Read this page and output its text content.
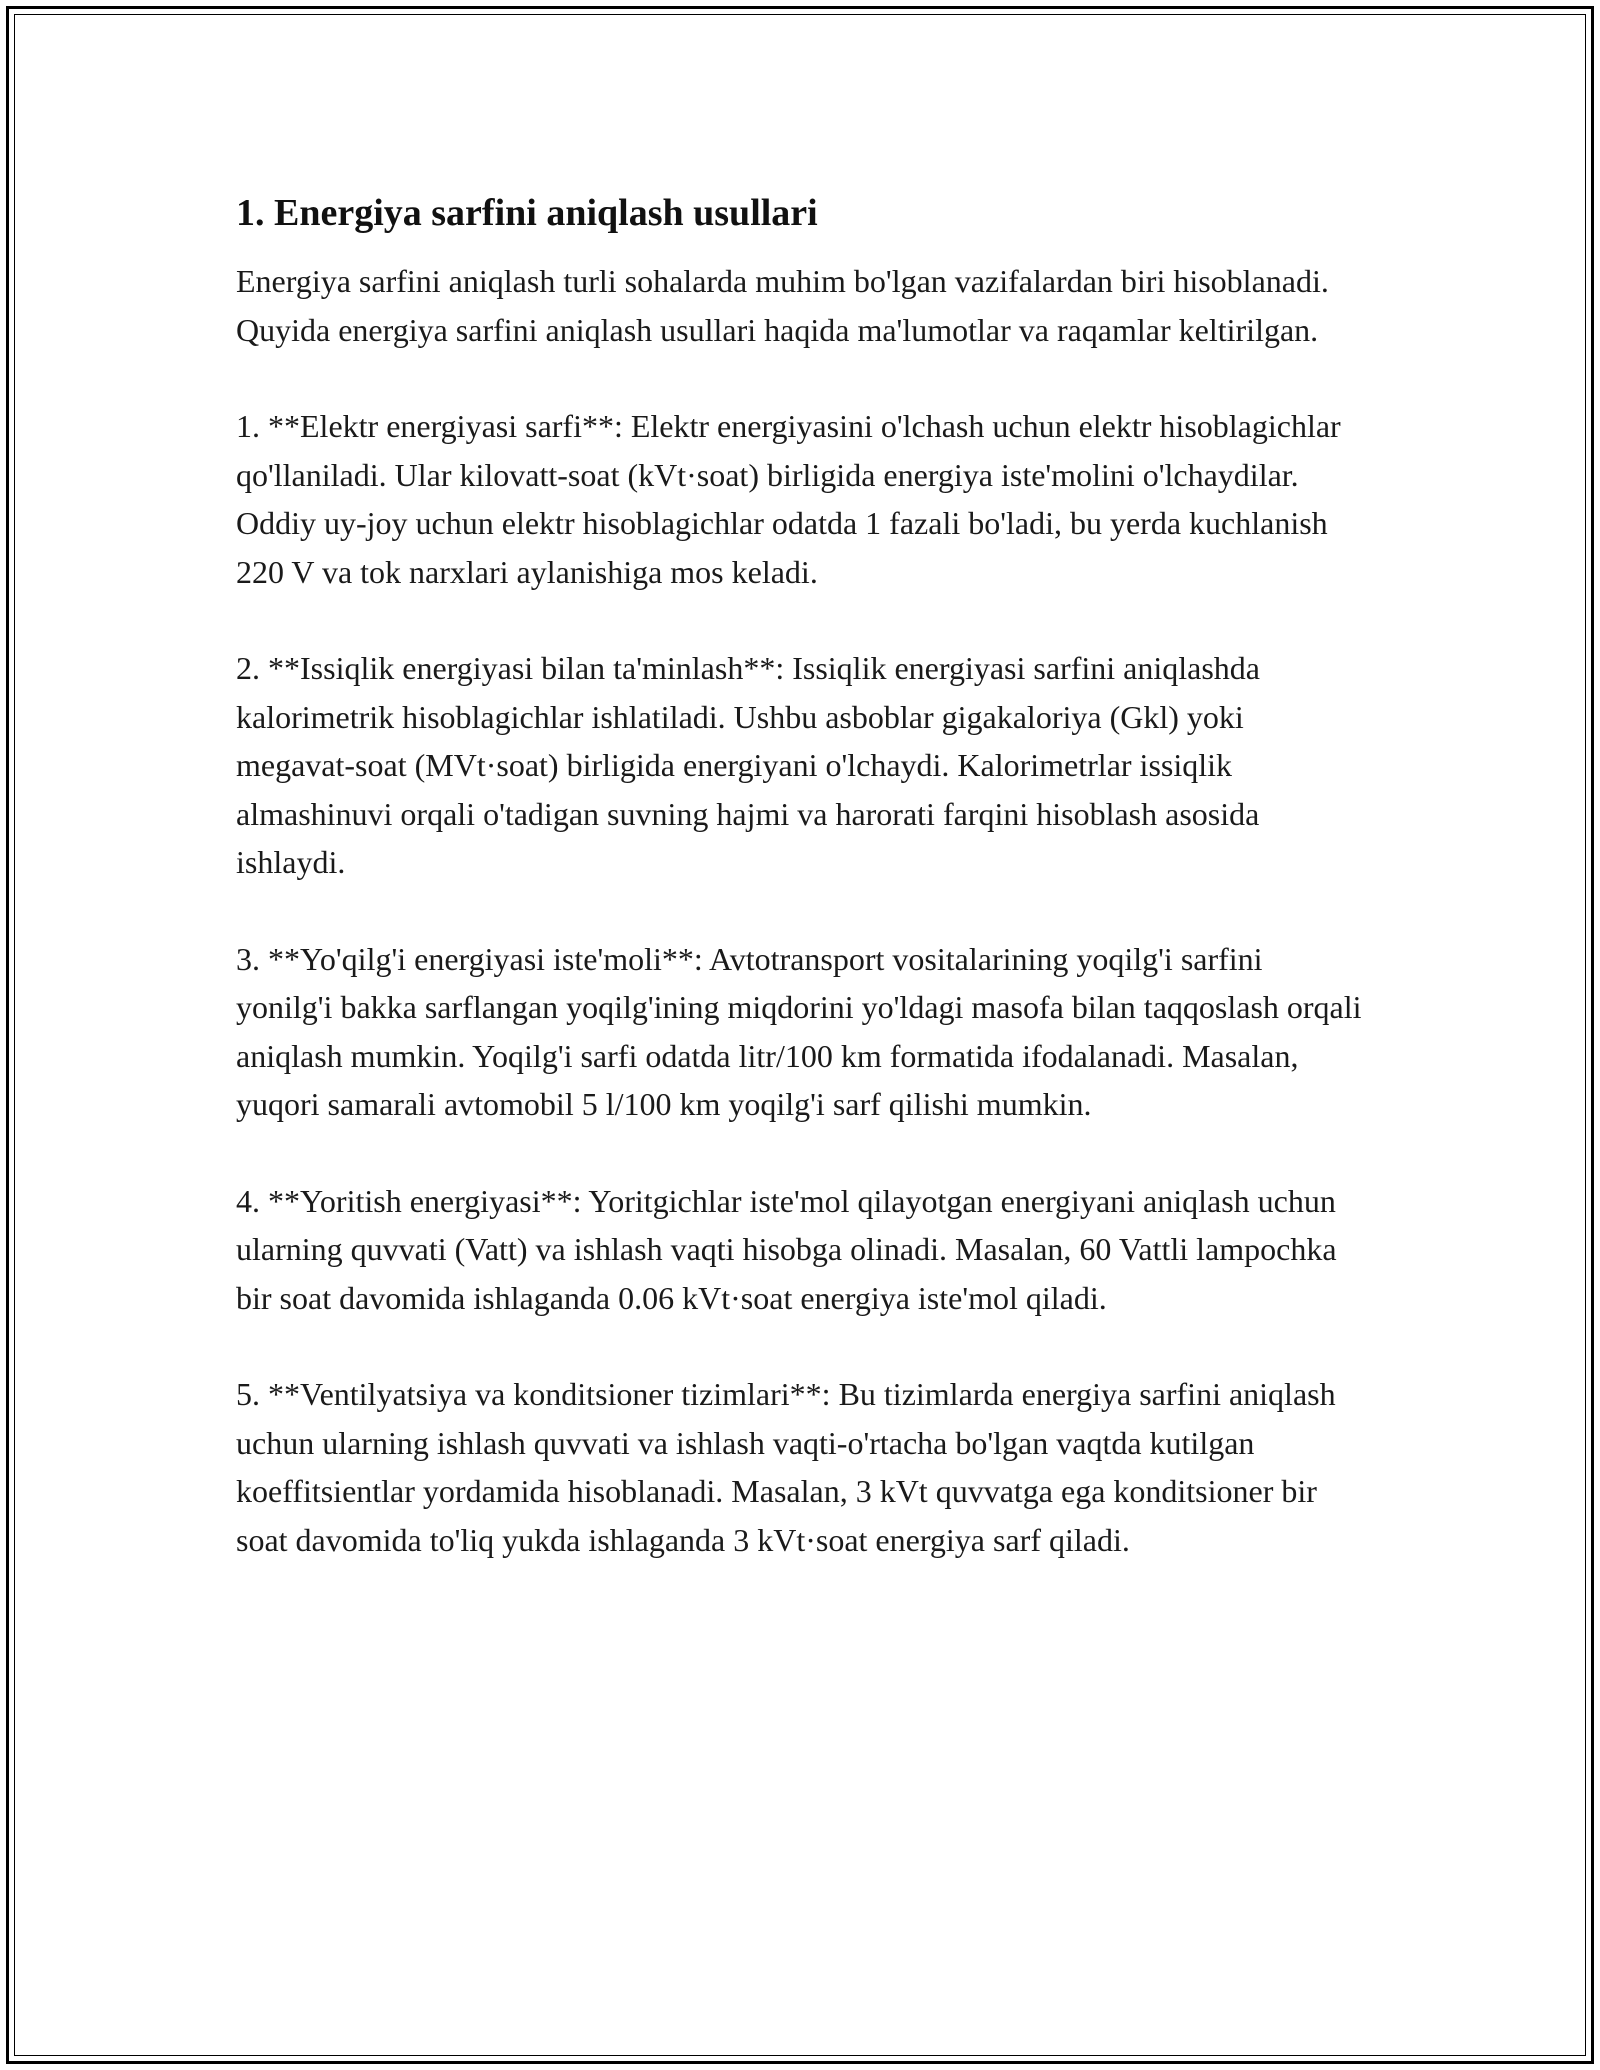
1. Energiya sarfini aniqlash usullari

Energiya sarfini aniqlash turli sohalarda muhim bo'lgan vazifalardan biri hisoblanadi. Quyida energiya sarfini aniqlash usullari haqida ma'lumotlar va raqamlar keltirilgan.

1. **Elektr energiyasi sarfi**: Elektr energiyasini o'lchash uchun elektr hisoblagichlar qo'llaniladi. Ular kilovatt-soat (kVt·soat) birligida energiya iste'molini o'lchaydilar. Oddiy uy-joy uchun elektr hisoblagichlar odatda 1 fazali bo'ladi, bu yerda kuchlanish 220 V va tok narxlari aylanishiga mos keladi.

2. **Issiqlik energiyasi bilan ta'minlash**: Issiqlik energiyasi sarfini aniqlashda kalorimetrik hisoblagichlar ishlatiladi. Ushbu asboblar gigakaloriya (Gkl) yoki megavat-soat (MVt·soat) birligida energiyani o'lchaydi. Kalorimetrlar issiqlik almashinuvi orqali o'tadigan suvning hajmi va harorati farqini hisoblash asosida ishlaydi.

3. **Yo'qilg'i energiyasi iste'moli**: Avtotransport vositalarining yoqilg'i sarfini yonilg'i bakka sarflangan yoqilg'ining miqdorini yo'ldagi masofa bilan taqqoslash orqali aniqlash mumkin. Yoqilg'i sarfi odatda litr/100 km formatida ifodalanadi. Masalan, yuqori samarali avtomobil 5 l/100 km yoqilg'i sarf qilishi mumkin.

4. **Yoritish energiyasi**: Yoritgichlar iste'mol qilayotgan energiyani aniqlash uchun ularning quvvati (Vatt) va ishlash vaqti hisobga olinadi. Masalan, 60 Vattli lampochka bir soat davomida ishlaganda 0.06 kVt·soat energiya iste'mol qiladi.

5. **Ventilyatsiya va konditsioner tizimlari**: Bu tizimlarda energiya sarfini aniqlash uchun ularning ishlash quvvati va ishlash vaqti-o'rtacha bo'lgan vaqtda kutilgan koeffitsientlar yordamida hisoblanadi. Masalan, 3 kVt quvvatga ega konditsioner bir soat davomida to'liq yukda ishlaganda 3 kVt·soat energiya sarf qiladi.
